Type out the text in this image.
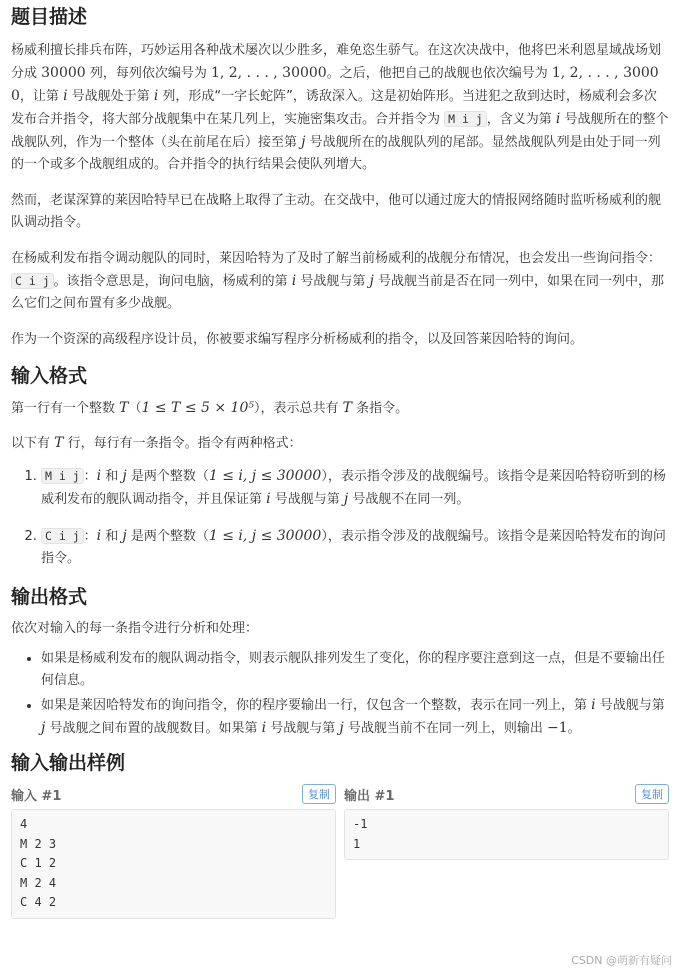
题目描述

杨威利擅长排兵布阵，巧妙运用各种战术屡次以少胜多，难免恣生骄气。在这次决战中，他将巴米利恩星域战场划分成 30000 列，每列依次编号为 1, 2, . . . , 30000。之后，他把自己的战舰也依次编号为 1, 2, . . . , 30000，让第 i 号战舰处于第 i 列，形成“一字长蛇阵”，诱敌深入。这是初始阵形。当进犯之敌到达时，杨威利会多次发布合并指令，将大部分战舰集中在某几列上，实施密集攻击。合并指令为 M i j ，含义为第 i 号战舰所在的整个战舰队列，作为一个整体（头在前尾在后）接至第 j 号战舰所在的战舰队列的尾部。显然战舰队列是由处于同一列的一个或多个战舰组成的。合并指令的执行结果会使队列增大。

然而，老谋深算的莱因哈特早已在战略上取得了主动。在交战中，他可以通过庞大的情报网络随时监听杨威利的舰队调动指令。

在杨威利发布指令调动舰队的同时，莱因哈特为了及时了解当前杨威利的战舰分布情况，也会发出一些询问指令：C i j 。该指令意思是，询问电脑，杨威利的第 i 号战舰与第 j 号战舰当前是否在同一列中，如果在同一列中，那么它们之间布置有多少战舰。

作为一个资深的高级程序设计员，你被要求编写程序分析杨威利的指令，以及回答莱因哈特的询问。

输入格式

第一行有一个整数 T（1 ≤ T ≤ 5 × 10⁵），表示总共有 T 条指令。

以下有 T 行，每行有一条指令。指令有两种格式：

1. M i j ：i 和 j 是两个整数（1 ≤ i, j ≤ 30000），表示指令涉及的战舰编号。该指令是莱因哈特窃听到的杨威利发布的舰队调动指令，并且保证第 i 号战舰与第 j 号战舰不在同一列。
2. C i j ：i 和 j 是两个整数（1 ≤ i, j ≤ 30000），表示指令涉及的战舰编号。该指令是莱因哈特发布的询问指令。
输出格式

依次对输入的每一条指令进行分析和处理：

• 如果是杨威利发布的舰队调动指令，则表示舰队排列发生了变化，你的程序要注意到这一点，但是不要输出任何信息。
• 如果是莱因哈特发布的询问指令，你的程序要输出一行，仅包含一个整数，表示在同一列上，第 i 号战舰与第 j 号战舰之间布置的战舰数目。如果第 i 号战舰与第 j 号战舰当前不在同一列上，则输出 −1。
输入输出样例
输入 #1	复制
4
M 2 3
C 1 2
M 2 4
C 4 2
输出 #1	复制
-1
1
CSDN @萌新有疑问
